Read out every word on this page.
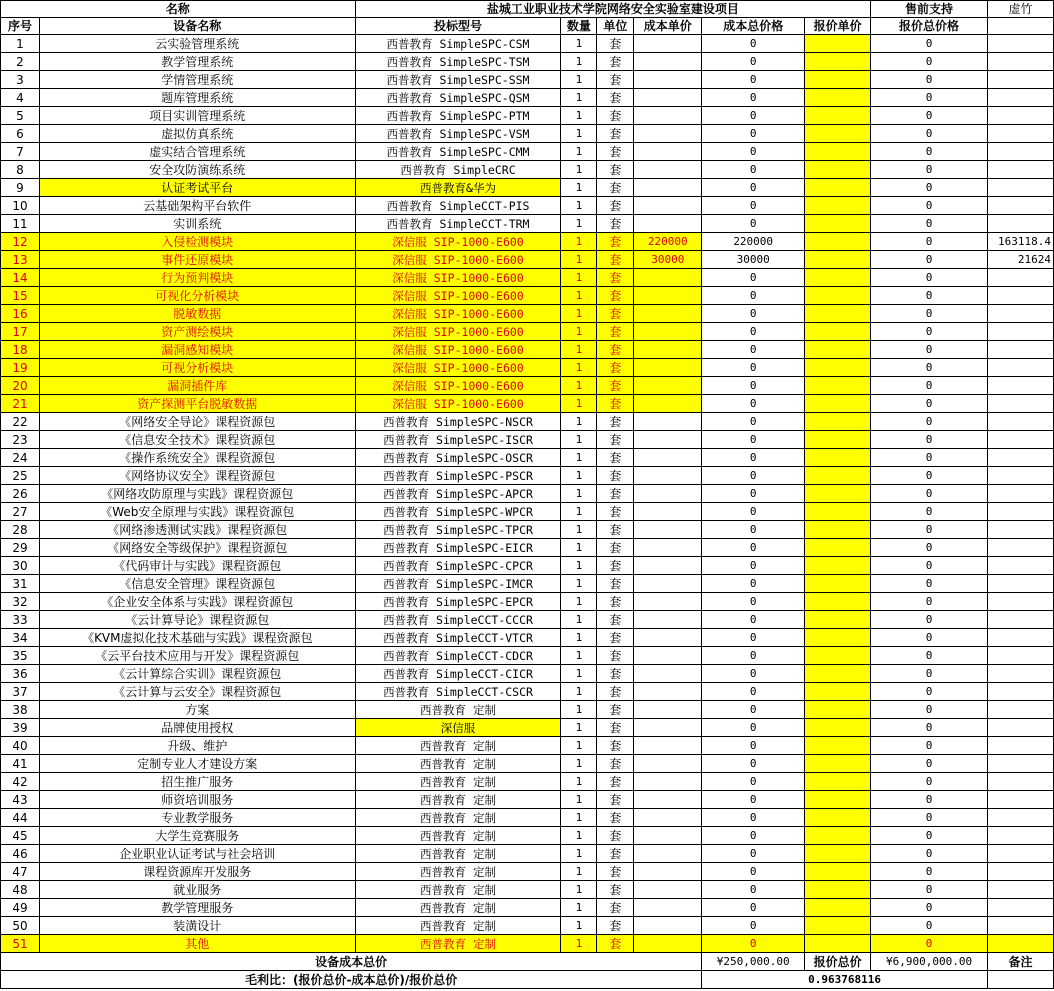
名称		盐城工业职业技术学院网络安全实验室建设项目						售前支持	虚竹
序号	设备名称	投标型号	数量	单位	成本单价	成本总价格	报价单价	报价总价格	
1	云实验管理系统	西普教育 SimpleSPC-CSM	1	套		0		0	
2	教学管理系统	西普教育 SimpleSPC-TSM	1	套		0		0	
3	学情管理系统	西普教育 SimpleSPC-SSM	1	套		0		0	
4	题库管理系统	西普教育 SimpleSPC-QSM	1	套		0		0	
5	项目实训管理系统	西普教育 SimpleSPC-PTM	1	套		0		0	
6	虚拟仿真系统	西普教育 SimpleSPC-VSM	1	套		0		0	
7	虚实结合管理系统	西普教育 SimpleSPC-CMM	1	套		0		0	
8	安全攻防演练系统	西普教育 SimpleCRC	1	套		0		0	
9	认证考试平台	西普教育&华为	1	套		0		0	
10	云基础架构平台软件	西普教育 SimpleCCT-PIS	1	套		0		0	
11	实训系统	西普教育 SimpleCCT-TRM	1	套		0		0	
12	入侵检测模块	深信服 SIP-1000-E600	1	套	220000	220000		0	163118.4
13	事件还原模块	深信服 SIP-1000-E600	1	套	30000	30000		0	21624
14	行为预判模块	深信服 SIP-1000-E600	1	套		0		0	
15	可视化分析模块	深信服 SIP-1000-E600	1	套		0		0	
16	脱敏数据	深信服 SIP-1000-E600	1	套		0		0	
17	资产测绘模块	深信服 SIP-1000-E600	1	套		0		0	
18	漏洞感知模块	深信服 SIP-1000-E600	1	套		0		0	
19	可视分析模块	深信服 SIP-1000-E600	1	套		0		0	
20	漏洞插件库	深信服 SIP-1000-E600	1	套		0		0	
21	资产探测平台脱敏数据	深信服 SIP-1000-E600	1	套		0		0	
22	《网络安全导论》课程资源包	西普教育 SimpleSPC-NSCR	1	套		0		0	
23	《信息安全技术》课程资源包	西普教育 SimpleSPC-ISCR	1	套		0		0	
24	《操作系统安全》课程资源包	西普教育 SimpleSPC-OSCR	1	套		0		0	
25	《网络协议安全》课程资源包	西普教育 SimpleSPC-PSCR	1	套		0		0	
26	《网络攻防原理与实践》课程资源包	西普教育 SimpleSPC-APCR	1	套		0		0	
27	《Web安全原理与实践》课程资源包	西普教育 SimpleSPC-WPCR	1	套		0		0	
28	《网络渗透测试实践》课程资源包	西普教育 SimpleSPC-TPCR	1	套		0		0	
29	《网络安全等级保护》课程资源包	西普教育 SimpleSPC-EICR	1	套		0		0	
30	《代码审计与实践》课程资源包	西普教育 SimpleSPC-CPCR	1	套		0		0	
31	《信息安全管理》课程资源包	西普教育 SimpleSPC-IMCR	1	套		0		0	
32	《企业安全体系与实践》课程资源包	西普教育 SimpleSPC-EPCR	1	套		0		0	
33	《云计算导论》课程资源包	西普教育 SimpleCCT-CCCR	1	套		0		0	
34	《KVM虚拟化技术基础与实践》课程资源包	西普教育 SimpleCCT-VTCR	1	套		0		0	
35	《云平台技术应用与开发》课程资源包	西普教育 SimpleCCT-CDCR	1	套		0		0	
36	《云计算综合实训》课程资源包	西普教育 SimpleCCT-CICR	1	套		0		0	
37	《云计算与云安全》课程资源包	西普教育 SimpleCCT-CSCR	1	套		0		0	
38	方案	西普教育 定制	1	套		0		0	
39	品牌使用授权	深信服	1	套		0		0	
40	升级、维护	西普教育 定制	1	套		0		0	
41	定制专业人才建设方案	西普教育 定制	1	套		0		0	
42	招生推广服务	西普教育 定制	1	套		0		0	
43	师资培训服务	西普教育 定制	1	套		0		0	
44	专业教学服务	西普教育 定制	1	套		0		0	
45	大学生竞赛服务	西普教育 定制	1	套		0		0	
46	企业职业认证考试与社会培训	西普教育 定制	1	套		0		0	
47	课程资源库开发服务	西普教育 定制	1	套		0		0	
48	就业服务	西普教育 定制	1	套		0		0	
49	教学管理服务	西普教育 定制	1	套		0		0	
50	装潢设计	西普教育 定制	1	套		0		0	
51	其他	西普教育 定制	1	套		0		0	
设备成本总价						¥250,000.00	报价总价	¥6,900,000.00	备注
毛利比：(报价总价-成本总价)/报价总价						0.963768116			
